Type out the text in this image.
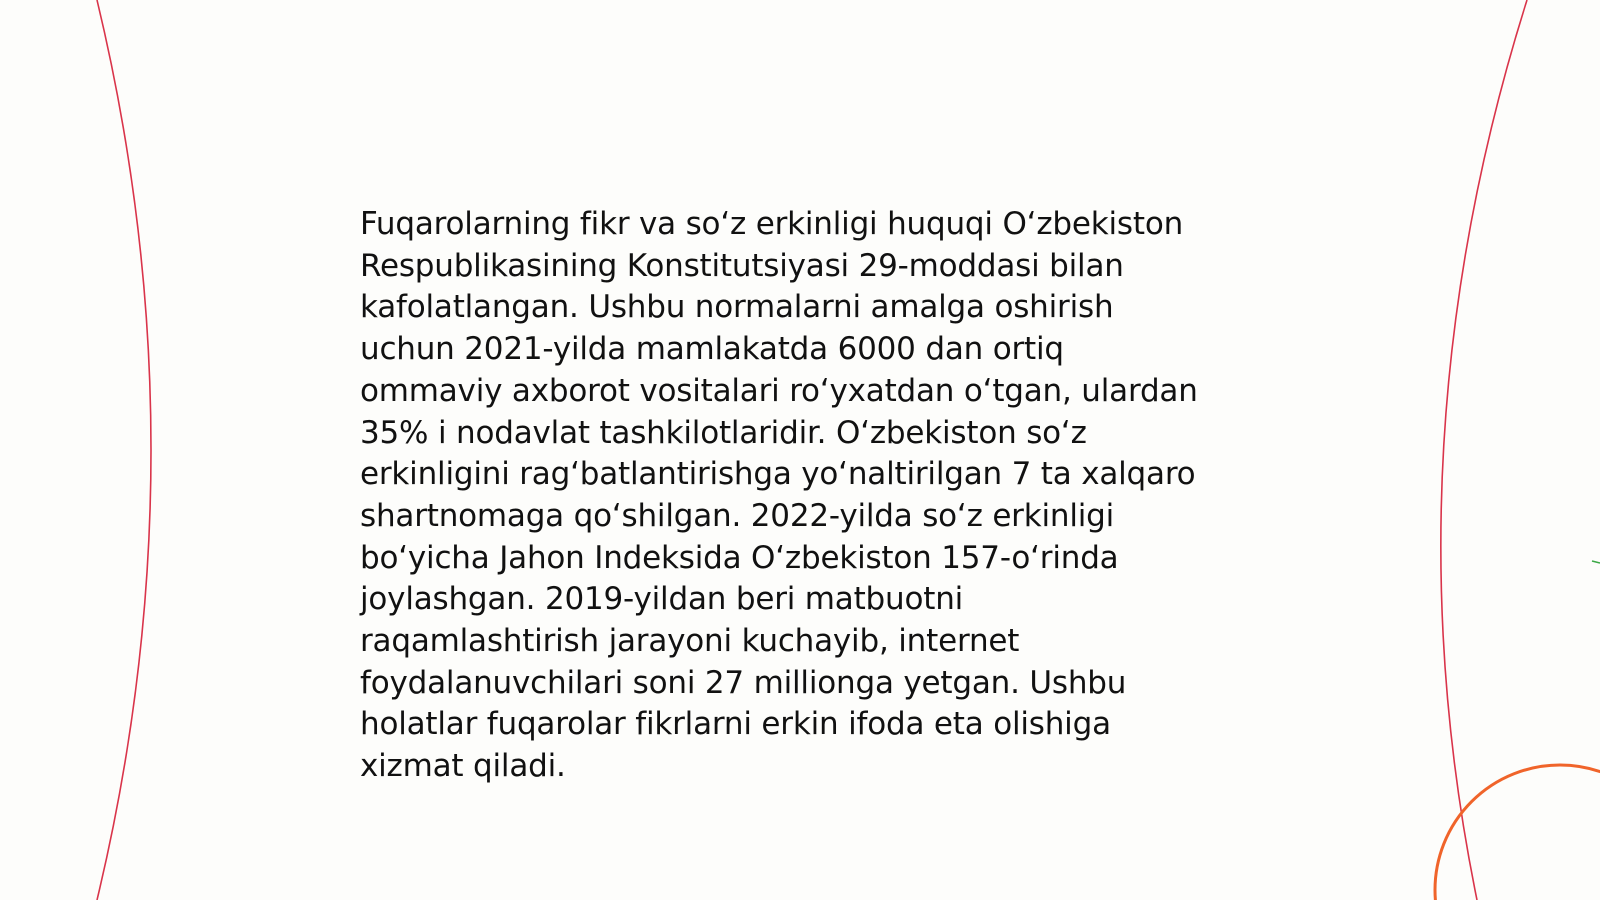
Fuqarolarning fikr va so‘z erkinligi huquqi O‘zbekiston
Respublikasining Konstitutsiyasi 29-moddasi bilan
kafolatlangan. Ushbu normalarni amalga oshirish
uchun 2021-yilda mamlakatda 6000 dan ortiq
ommaviy axborot vositalari ro‘yxatdan o‘tgan, ulardan
35% i nodavlat tashkilotlaridir. O‘zbekiston so‘z
erkinligini rag‘batlantirishga yo‘naltirilgan 7 ta xalqaro
shartnomaga qo‘shilgan. 2022-yilda so‘z erkinligi
bo‘yicha Jahon Indeksida O‘zbekiston 157-o‘rinda
joylashgan. 2019-yildan beri matbuotni
raqamlashtirish jarayoni kuchayib, internet
foydalanuvchilari soni 27 millionga yetgan. Ushbu
holatlar fuqarolar fikrlarni erkin ifoda eta olishiga
xizmat qiladi.
